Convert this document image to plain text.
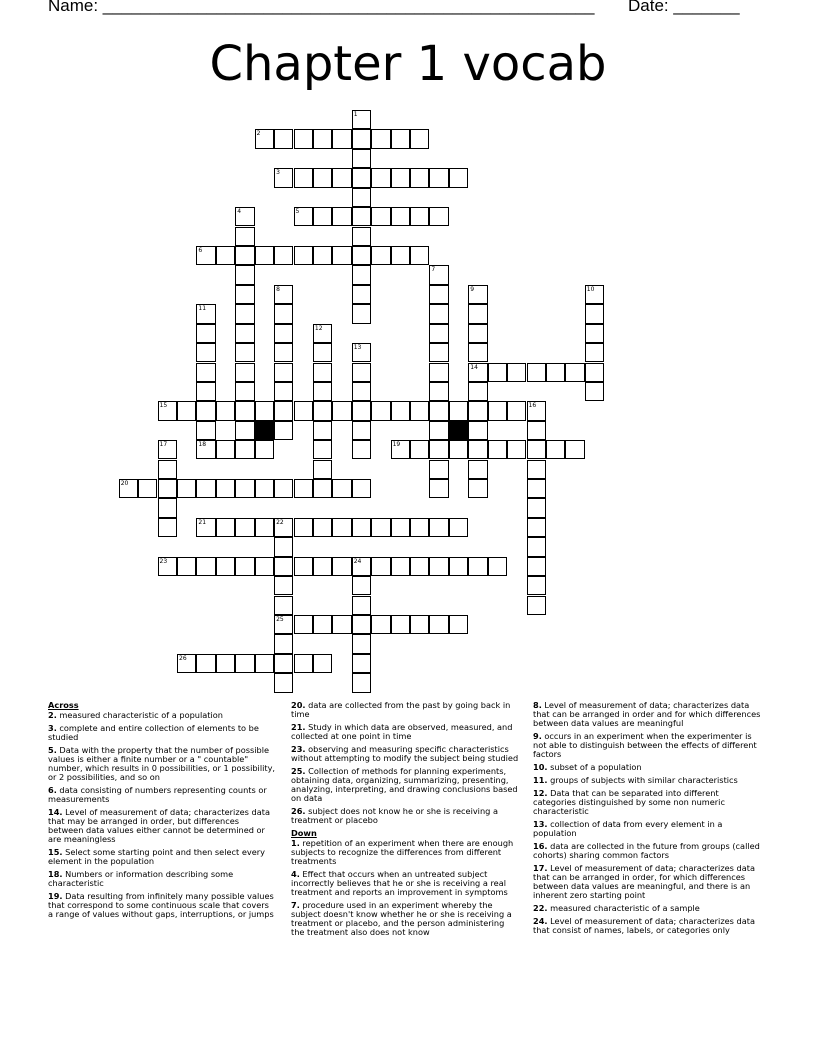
Name: ____________________________________________________ Date: _______
Chapter 1 vocab
2
3
5
6
14
15
18	19
20
21	22
23	24
25
26
1
4
7
8	9	10
11
12
13
16
17
Across
2. measured characteristic of a population
3. complete and entire collection of elements to be studied
5. Data with the property that the number of possible values is either a finite number or a " countable" number, which results in 0 possibilities, or 1 possibility, or 2 possibilities, and so on
6. data consisting of numbers representing counts or measurements
14. Level of measurement of data; characterizes data that may be arranged in order, but differences between data values either cannot be determined or are meaningless
15. Select some starting point and then select every element in the population
18. Numbers or information describing some characteristic
19. Data resulting from infinitely many possible values that correspond to some continuous scale that covers a range of values without gaps, interruptions, or jumps
20. data are collected from the past by going back in time
21. Study in which data are observed, measured, and collected at one point in time
23. observing and measuring specific characteristics without attempting to modify the subject being studied
25. Collection of methods for planning experiments, obtaining data, organizing, summarizing, presenting, analyzing, interpreting, and drawing conclusions based on data
26. subject does not know he or she is receiving a treatment or placebo
Down
1. repetition of an experiment when there are enough subjects to recognize the differences from different treatments
4. Effect that occurs when an untreated subject incorrectly believes that he or she is receiving a real treatment and reports an improvement in symptoms
7. procedure used in an experiment whereby the subject doesn't know whether he or she is receiving a treatment or placebo, and the person administering the treatment also does not know
8. Level of measurement of data; characterizes data that can be arranged in order and for which differences between data values are meaningful
9. occurs in an experiment when the experimenter is not able to distinguish between the effects of different factors
10. subset of a population
11. groups of subjects with similar characteristics
12. Data that can be separated into different categories distinguished by some non numeric characteristic
13. collection of data from every element in a population
16. data are collected in the future from groups (called cohorts) sharing common factors
17. Level of measurement of data; characterizes data that can be arranged in order, for which differences between data values are meaningful, and there is an inherent zero starting point
22. measured characteristic of a sample
24. Level of measurement of data; characterizes data that consist of names, labels, or categories only
